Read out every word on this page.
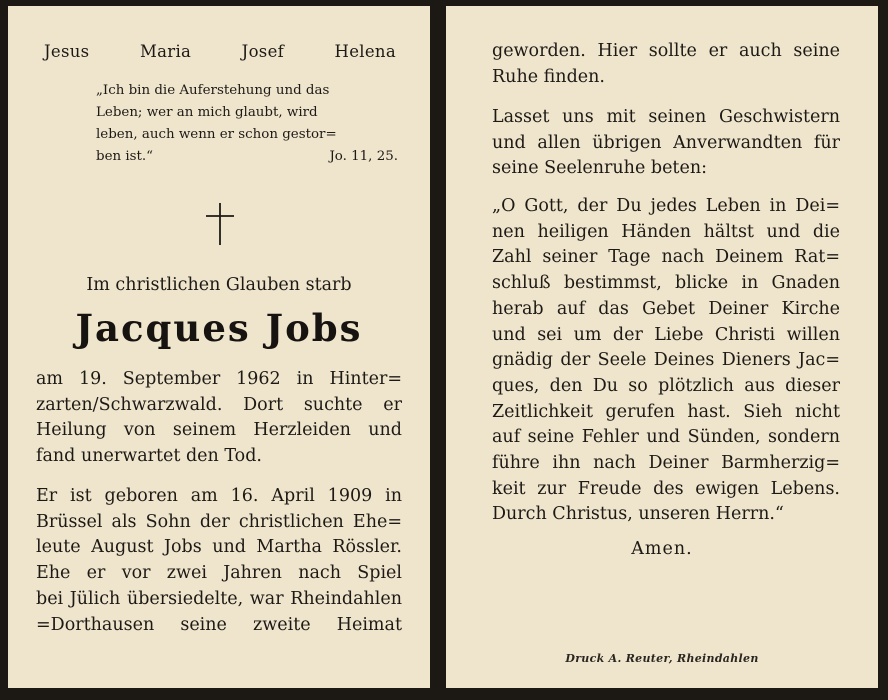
Jesus	Maria	Josef	Helena
„Ich bin die Auferstehung und das
Leben; wer an mich glaubt, wird
leben, auch wenn er schon gestor=
ben ist.“	Jo. 11, 25.
Im christlichen Glauben starb
Jacques Jobs
am 19. September 1962 in Hinter=
zarten/Schwarzwald. Dort suchte er
Heilung von seinem Herzleiden und
fand unerwartet den Tod.
Er ist geboren am 16. April 1909 in
Brüssel als Sohn der christlichen Ehe=
leute August Jobs und Martha Rössler.
Ehe er vor zwei Jahren nach Spiel
bei Jülich übersiedelte, war Rheindahlen
=Dorthausen seine zweite Heimat
geworden. Hier sollte er auch seine
Ruhe finden.
Lasset uns mit seinen Geschwistern
und allen übrigen Anverwandten für
seine Seelenruhe beten:
„O Gott, der Du jedes Leben in Dei=
nen heiligen Händen hältst und die
Zahl seiner Tage nach Deinem Rat=
schluß bestimmst, blicke in Gnaden
herab auf das Gebet Deiner Kirche
und sei um der Liebe Christi willen
gnädig der Seele Deines Dieners Jac=
ques, den Du so plötzlich aus dieser
Zeitlichkeit gerufen hast. Sieh nicht
auf seine Fehler und Sünden, sondern
führe ihn nach Deiner Barmherzig=
keit zur Freude des ewigen Lebens.
Durch Christus, unseren Herrn.“
Amen.
Druck A. Reuter, Rheindahlen
